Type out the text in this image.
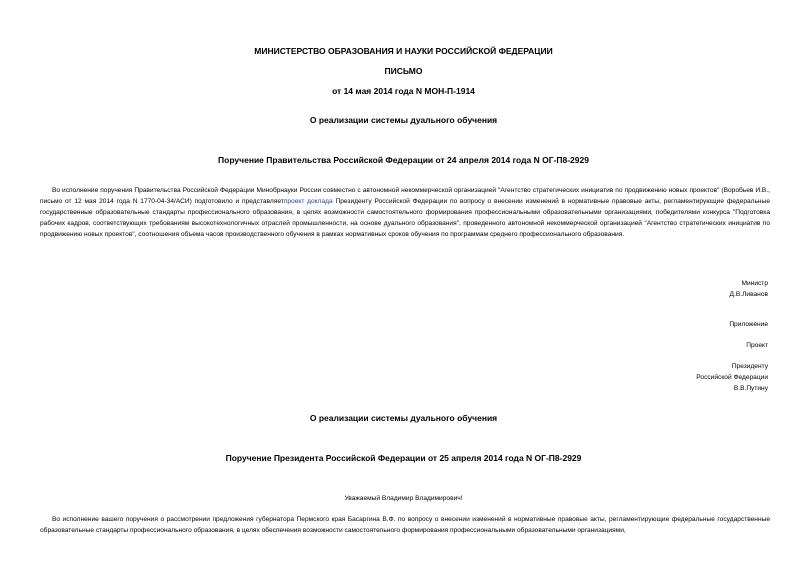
МИНИСТЕРСТВО ОБРАЗОВАНИЯ И НАУКИ РОССИЙСКОЙ ФЕДЕРАЦИИ
ПИСЬМО
от 14 мая 2014 года N МОН-П-1914
О реализации системы дуального обучения
Поручение Правительства Российской Федерации от 24 апреля 2014 года N ОГ-П8-2929
Во исполнение поручения Правительства Российской Федерации Минобрнауки России совместно с автономной некоммерческой организацией "Агентство стратегических инициатив по продвижению новых проектов" (Воробьев И.В., письмо от 12 мая 2014 года N 1770-04-34/АСИ) подготовило и представляетпроект доклада Президенту Российской Федерации по вопросу о внесении изменений в нормативные правовые акты, регламентирующие федеральные государственные образовательные стандарты профессионального образования, в целях возможности самостоятельного формирования профессиональными образовательными организациями, победителями конкурса "Подготовка рабочих кадров, соответствующих требованиям высокотехнологичных отраслей промышленности, на основе дуального образования", проведенного автономной некоммерческой организацией "Агентство стратегических инициатив по продвижению новых проектов", соотношения объема часов производственного обучения в рамках нормативных сроков обучения по программам среднего профессионального образования.
Министр
Д.В.Ливанов
Приложение
Проект
Президенту
Российской Федерации
В.В.Путину
О реализации системы дуального обучения
Поручение Президента Российской Федерации от 25 апреля 2014 года N ОГ-П8-2929
Уважаемый Владимир Владимирович!
Во исполнение вашего поручения о рассмотрении предложения губернатора Пермского края Басаргина В.Ф. по вопросу о внесении изменений в нормативные правовые акты, регламентирующие федеральные государственные образовательные стандарты профессионального образования, в целях обеспечения возможности самостоятельного формирования профессиональными образовательными организациями,
